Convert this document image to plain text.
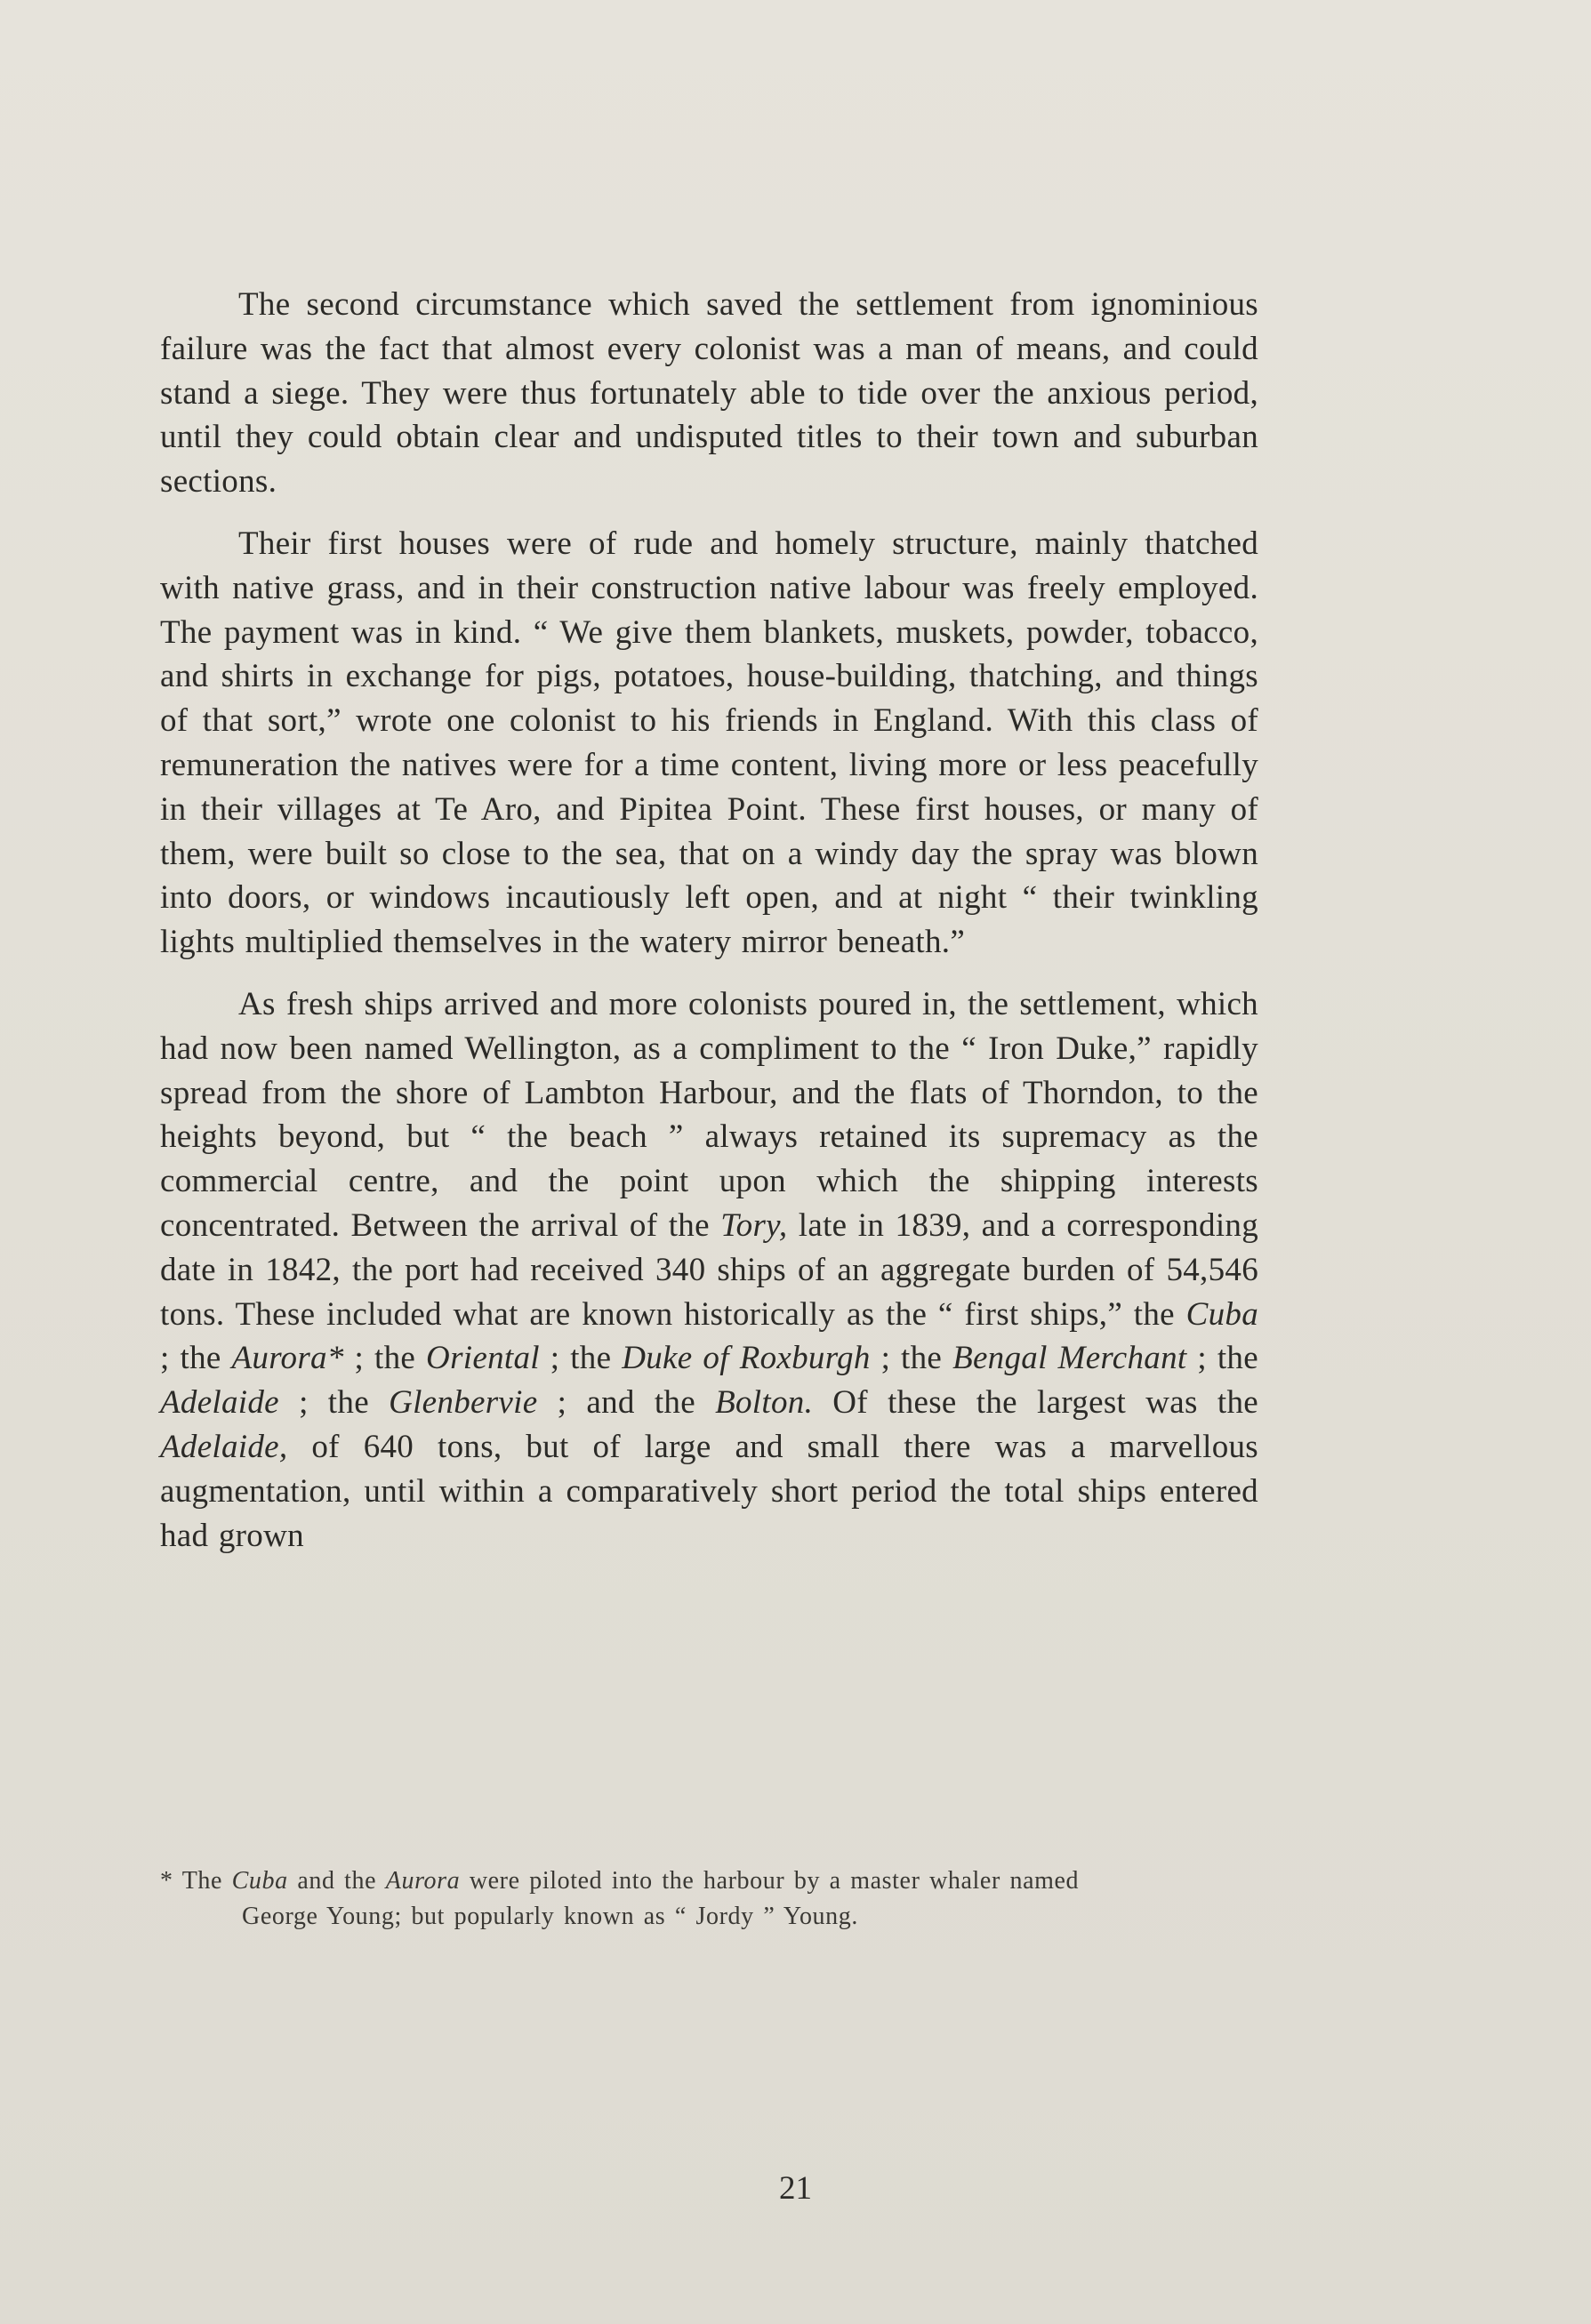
The second circumstance which saved the settlement from ignominious failure was the fact that almost every colonist was a man of means, and could stand a siege. They were thus fortunately able to tide over the anxious period, until they could obtain clear and undisputed titles to their town and suburban sections.

Their first houses were of rude and homely structure, mainly thatched with native grass, and in their construction native labour was freely employed. The payment was in kind. “ We give them blankets, muskets, powder, tobacco, and shirts in exchange for pigs, potatoes, house-building, thatching, and things of that sort,” wrote one colonist to his friends in England. With this class of remuneration the natives were for a time content, living more or less peacefully in their villages at Te Aro, and Pipitea Point. These first houses, or many of them, were built so close to the sea, that on a windy day the spray was blown into doors, or windows incautiously left open, and at night “ their twinkling lights multiplied themselves in the watery mirror beneath.”

As fresh ships arrived and more colonists poured in, the settlement, which had now been named Wellington, as a compliment to the “ Iron Duke,” rapidly spread from the shore of Lambton Harbour, and the flats of Thorndon, to the heights beyond, but “ the beach ” always retained its supremacy as the commercial centre, and the point upon which the shipping interests concentrated. Between the arrival of the Tory, late in 1839, and a corresponding date in 1842, the port had received 340 ships of an aggregate burden of 54,546 tons. These included what are known historically as the “ first ships,” the Cuba ; the Aurora* ; the Oriental ; the Duke of Roxburgh ; the Bengal Merchant ; the Adelaide ; the Glenbervie ; and the Bolton. Of these the largest was the Adelaide, of 640 tons, but of large and small there was a marvellous augmentation, until within a comparatively short period the total ships entered had grown

* The Cuba and the Aurora were piloted into the harbour by a master whaler named
George Young; but popularly known as “ Jordy ” Young.
21
